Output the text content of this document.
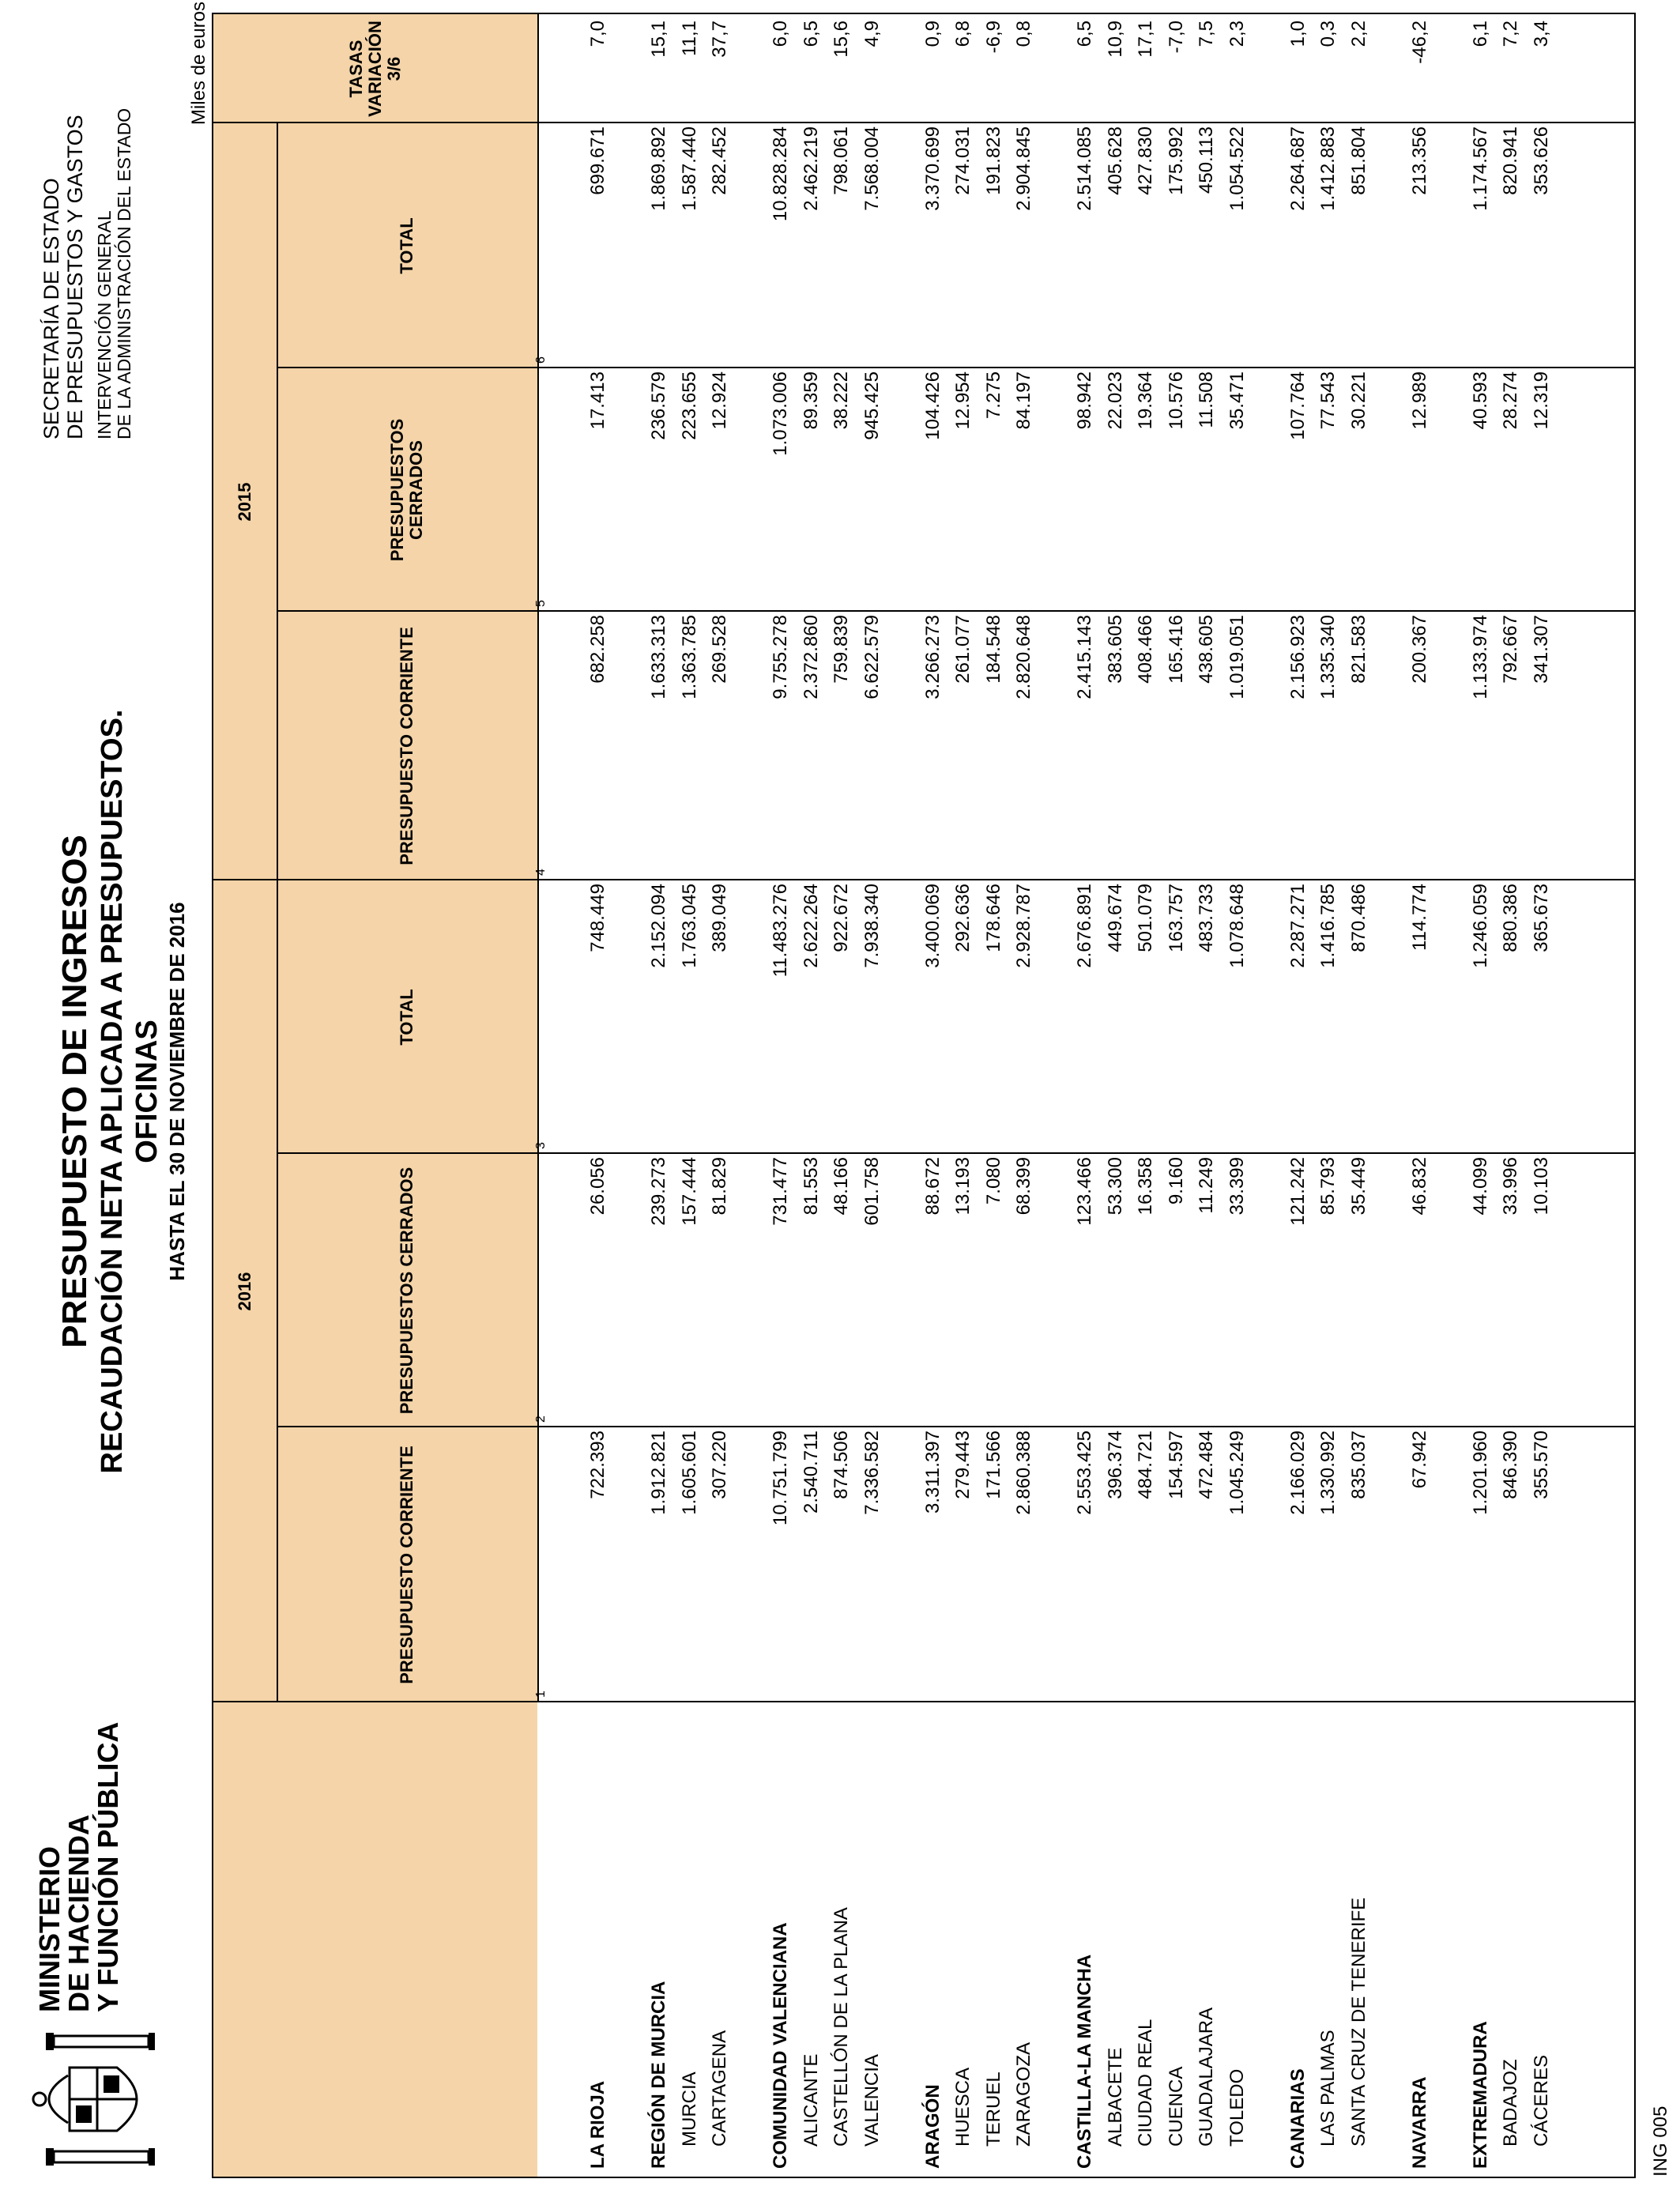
MINISTERIO
DE HACIENDA
Y FUNCIÓN PÚBLICA
PRESUPUESTO DE INGRESOS RECAUDACIÓN NETA APLICADA A PRESUPUESTOS. OFICINAS HASTA EL 30 DE NOVIEMBRE DE 2016
SECRETARÍA DE ESTADO DE PRESUPUESTOS Y GASTOS INTERVENCIÓN GENERAL DE LA ADMINISTRACIÓN DEL ESTADO
Miles de euros
2016
2015
PRESUPUESTO CORRIENTE
PRESUPUESTOS CERRADOS
TOTAL
PRESUPUESTO CORRIENTE
PRESUPUESTOS CERRADOS
TOTAL
TASAS VARIACIÓN 3/6
1
2
3
4
5
6
LA RIOJA
722.393
26.056
748.449
682.258
17.413
699.671
7,0
REGIÓN DE MURCIA
1.912.821
239.273
2.152.094
1.633.313
236.579
1.869.892
15,1
MURCIA
1.605.601
157.444
1.763.045
1.363.785
223.655
1.587.440
11,1
CARTAGENA
307.220
81.829
389.049
269.528
12.924
282.452
37,7
COMUNIDAD VALENCIANA
10.751.799
731.477
11.483.276
9.755.278
1.073.006
10.828.284
6,0
ALICANTE
2.540.711
81.553
2.622.264
2.372.860
89.359
2.462.219
6,5
CASTELLÓN DE LA PLANA
874.506
48.166
922.672
759.839
38.222
798.061
15,6
VALENCIA
7.336.582
601.758
7.938.340
6.622.579
945.425
7.568.004
4,9
ARAGÓN
3.311.397
88.672
3.400.069
3.266.273
104.426
3.370.699
0,9
HUESCA
279.443
13.193
292.636
261.077
12.954
274.031
6,8
TERUEL
171.566
7.080
178.646
184.548
7.275
191.823
-6,9
ZARAGOZA
2.860.388
68.399
2.928.787
2.820.648
84.197
2.904.845
0,8
CASTILLA-LA MANCHA
2.553.425
123.466
2.676.891
2.415.143
98.942
2.514.085
6,5
ALBACETE
396.374
53.300
449.674
383.605
22.023
405.628
10,9
CIUDAD REAL
484.721
16.358
501.079
408.466
19.364
427.830
17,1
CUENCA
154.597
9.160
163.757
165.416
10.576
175.992
-7,0
GUADALAJARA
472.484
11.249
483.733
438.605
11.508
450.113
7,5
TOLEDO
1.045.249
33.399
1.078.648
1.019.051
35.471
1.054.522
2,3
CANARIAS
2.166.029
121.242
2.287.271
2.156.923
107.764
2.264.687
1,0
LAS PALMAS
1.330.992
85.793
1.416.785
1.335.340
77.543
1.412.883
0,3
SANTA CRUZ DE TENERIFE
835.037
35.449
870.486
821.583
30.221
851.804
2,2
NAVARRA
67.942
46.832
114.774
200.367
12.989
213.356
-46,2
EXTREMADURA
1.201.960
44.099
1.246.059
1.133.974
40.593
1.174.567
6,1
BADAJOZ
846.390
33.996
880.386
792.667
28.274
820.941
7,2
CÁCERES
355.570
10.103
365.673
341.307
12.319
353.626
3,4
ING 005
